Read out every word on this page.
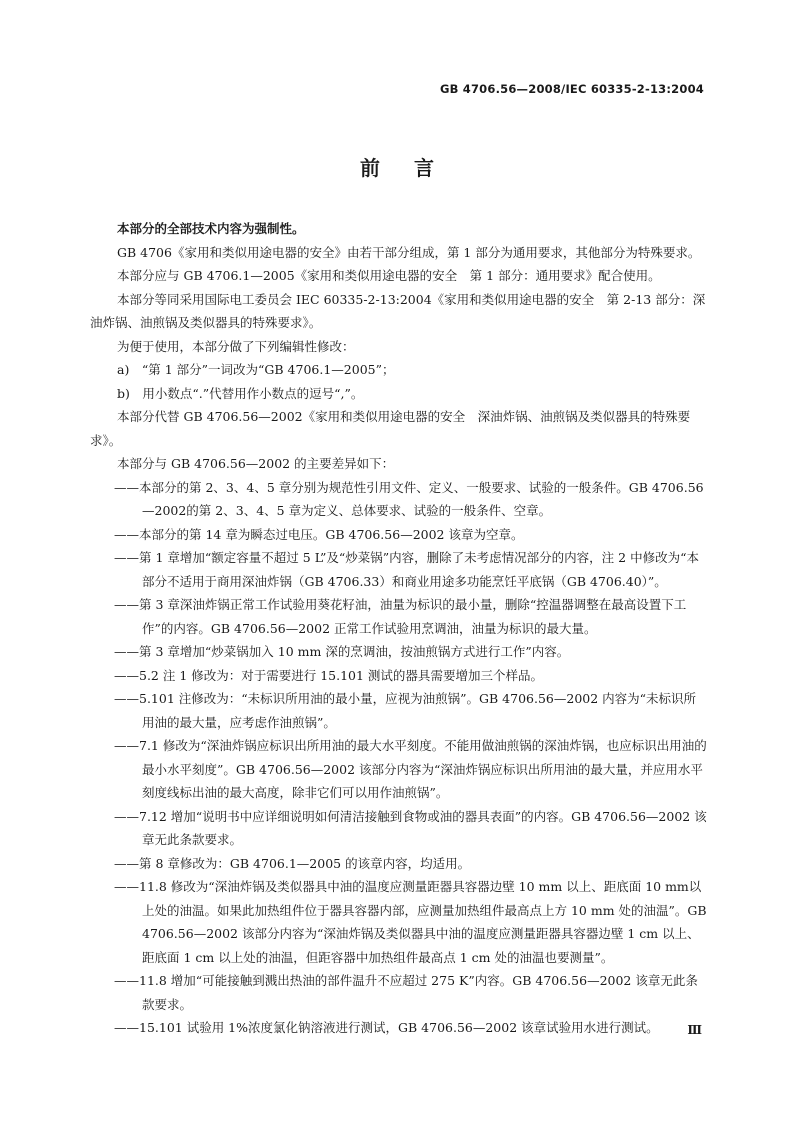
GB 4706.56—2008/IEC 60335-2-13:2004
前言

本部分的全部技术内容为强制性。

GB 4706《家用和类似用途电器的安全》由若干部分组成，第 1 部分为通用要求，其他部分为特殊要求。

本部分应与 GB 4706.1—2005《家用和类似用途电器的安全　第 1 部分：通用要求》配合使用。

本部分等同采用国际电工委员会 IEC 60335-2-13:2004《家用和类似用途电器的安全　第 2-13 部分：深油炸锅、油煎锅及类似器具的特殊要求》。

为便于使用，本部分做了下列编辑性修改：

a)　“第 1 部分”一词改为“GB 4706.1—2005”；

b)　用小数点“.”代替用作小数点的逗号“,”。

本部分代替 GB 4706.56—2002《家用和类似用途电器的安全　深油炸锅、油煎锅及类似器具的特殊要求》。

本部分与 GB 4706.56—2002 的主要差异如下：

——本部分的第 2、3、4、5 章分别为规范性引用文件、定义、一般要求、试验的一般条件。GB 4706.56—2002的第 2、3、4、5 章为定义、总体要求、试验的一般条件、空章。

——本部分的第 14 章为瞬态过电压。GB 4706.56—2002 该章为空章。

——第 1 章增加“额定容量不超过 5 L”及“炒菜锅”内容，删除了未考虑情况部分的内容，注 2 中修改为“本部分不适用于商用深油炸锅（GB 4706.33）和商业用途多功能烹饪平底锅（GB 4706.40）”。

——第 3 章深油炸锅正常工作试验用葵花籽油，油量为标识的最小量，删除“控温器调整在最高设置下工作”的内容。GB 4706.56—2002 正常工作试验用烹调油，油量为标识的最大量。

——第 3 章增加“炒菜锅加入 10 mm 深的烹调油，按油煎锅方式进行工作”内容。

——5.2 注 1 修改为：对于需要进行 15.101 测试的器具需要增加三个样品。

——5.101 注修改为：“未标识所用油的最小量，应视为油煎锅”。GB 4706.56—2002 内容为“未标识所用油的最大量，应考虑作油煎锅”。

——7.1 修改为“深油炸锅应标识出所用油的最大水平刻度。不能用做油煎锅的深油炸锅，也应标识出用油的最小水平刻度”。GB 4706.56—2002 该部分内容为“深油炸锅应标识出所用油的最大量，并应用水平刻度线标出油的最大高度，除非它们可以用作油煎锅”。

——7.12 增加“说明书中应详细说明如何清洁接触到食物或油的器具表面”的内容。GB 4706.56—2002 该章无此条款要求。

——第 8 章修改为：GB 4706.1—2005 的该章内容，均适用。

——11.8 修改为“深油炸锅及类似器具中油的温度应测量距器具容器边壁 10 mm 以上、距底面 10 mm以上处的油温。如果此加热组件位于器具容器内部，应测量加热组件最高点上方 10 mm 处的油温”。GB 4706.56—2002 该部分内容为“深油炸锅及类似器具中油的温度应测量距器具容器边壁 1 cm 以上、距底面 1 cm 以上处的油温，但距容器中加热组件最高点 1 cm 处的油温也要测量”。

——11.8 增加“可能接触到溅出热油的部件温升不应超过 275 K”内容。GB 4706.56—2002 该章无此条款要求。

——15.101 试验用 1%浓度氯化钠溶液进行测试，GB 4706.56—2002 该章试验用水进行测试。	Ⅲ
